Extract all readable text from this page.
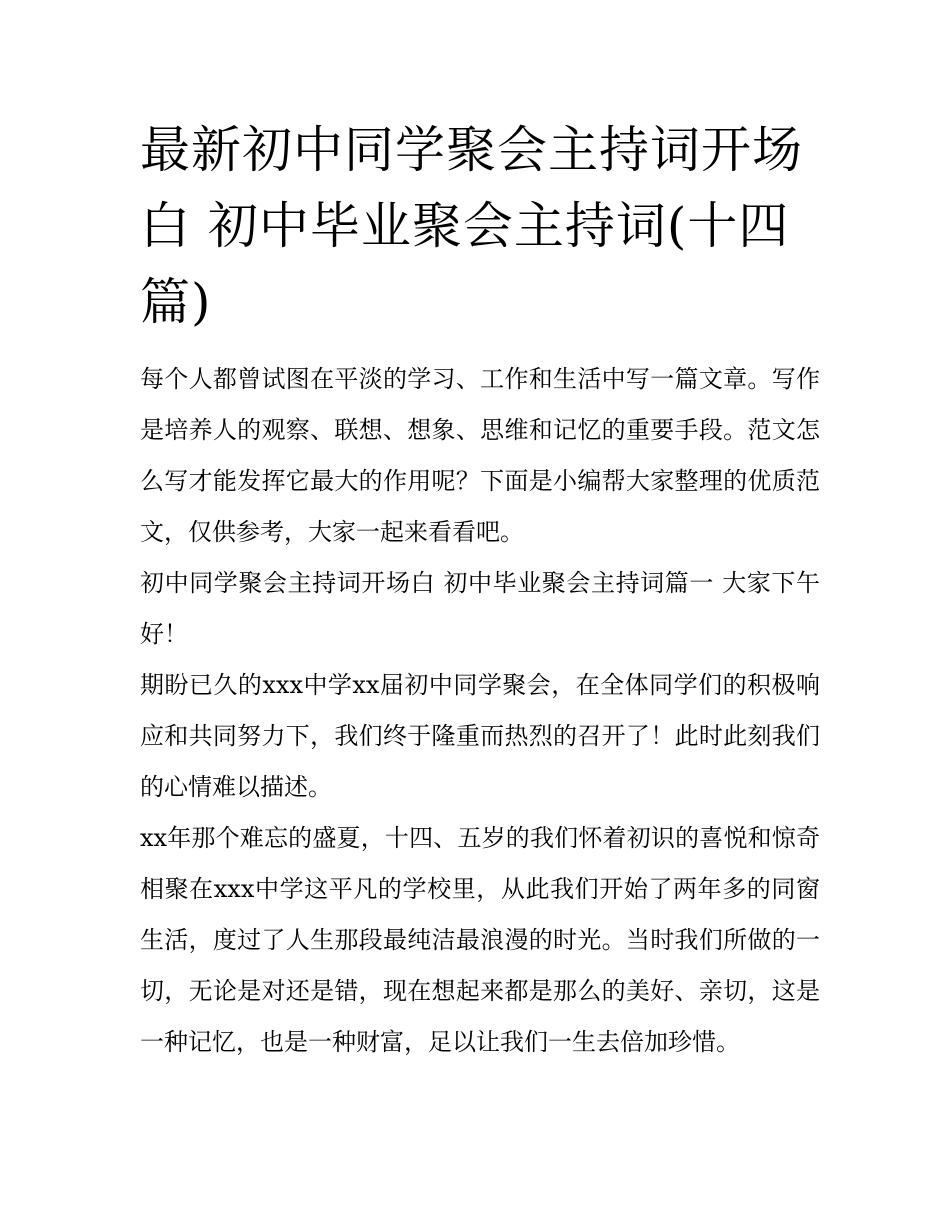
最新初中同学聚会主持词开场白 初中毕业聚会主持词(十四篇)

每个人都曾试图在平淡的学习、工作和生活中写一篇文章。写作是培养人的观察、联想、想象、思维和记忆的重要手段。范文怎么写才能发挥它最大的作用呢？下面是小编帮大家整理的优质范文，仅供参考，大家一起来看看吧。

初中同学聚会主持词开场白 初中毕业聚会主持词篇一 大家下午好！

期盼已久的xxx中学xx届初中同学聚会，在全体同学们的积极响应和共同努力下，我们终于隆重而热烈的召开了！此时此刻我们的心情难以描述。

xx年那个难忘的盛夏，十四、五岁的我们怀着初识的喜悦和惊奇相聚在xxx中学这平凡的学校里，从此我们开始了两年多的同窗生活，度过了人生那段最纯洁最浪漫的时光。当时我们所做的一切，无论是对还是错，现在想起来都是那么的美好、亲切，这是一种记忆，也是一种财富，足以让我们一生去倍加珍惜。
